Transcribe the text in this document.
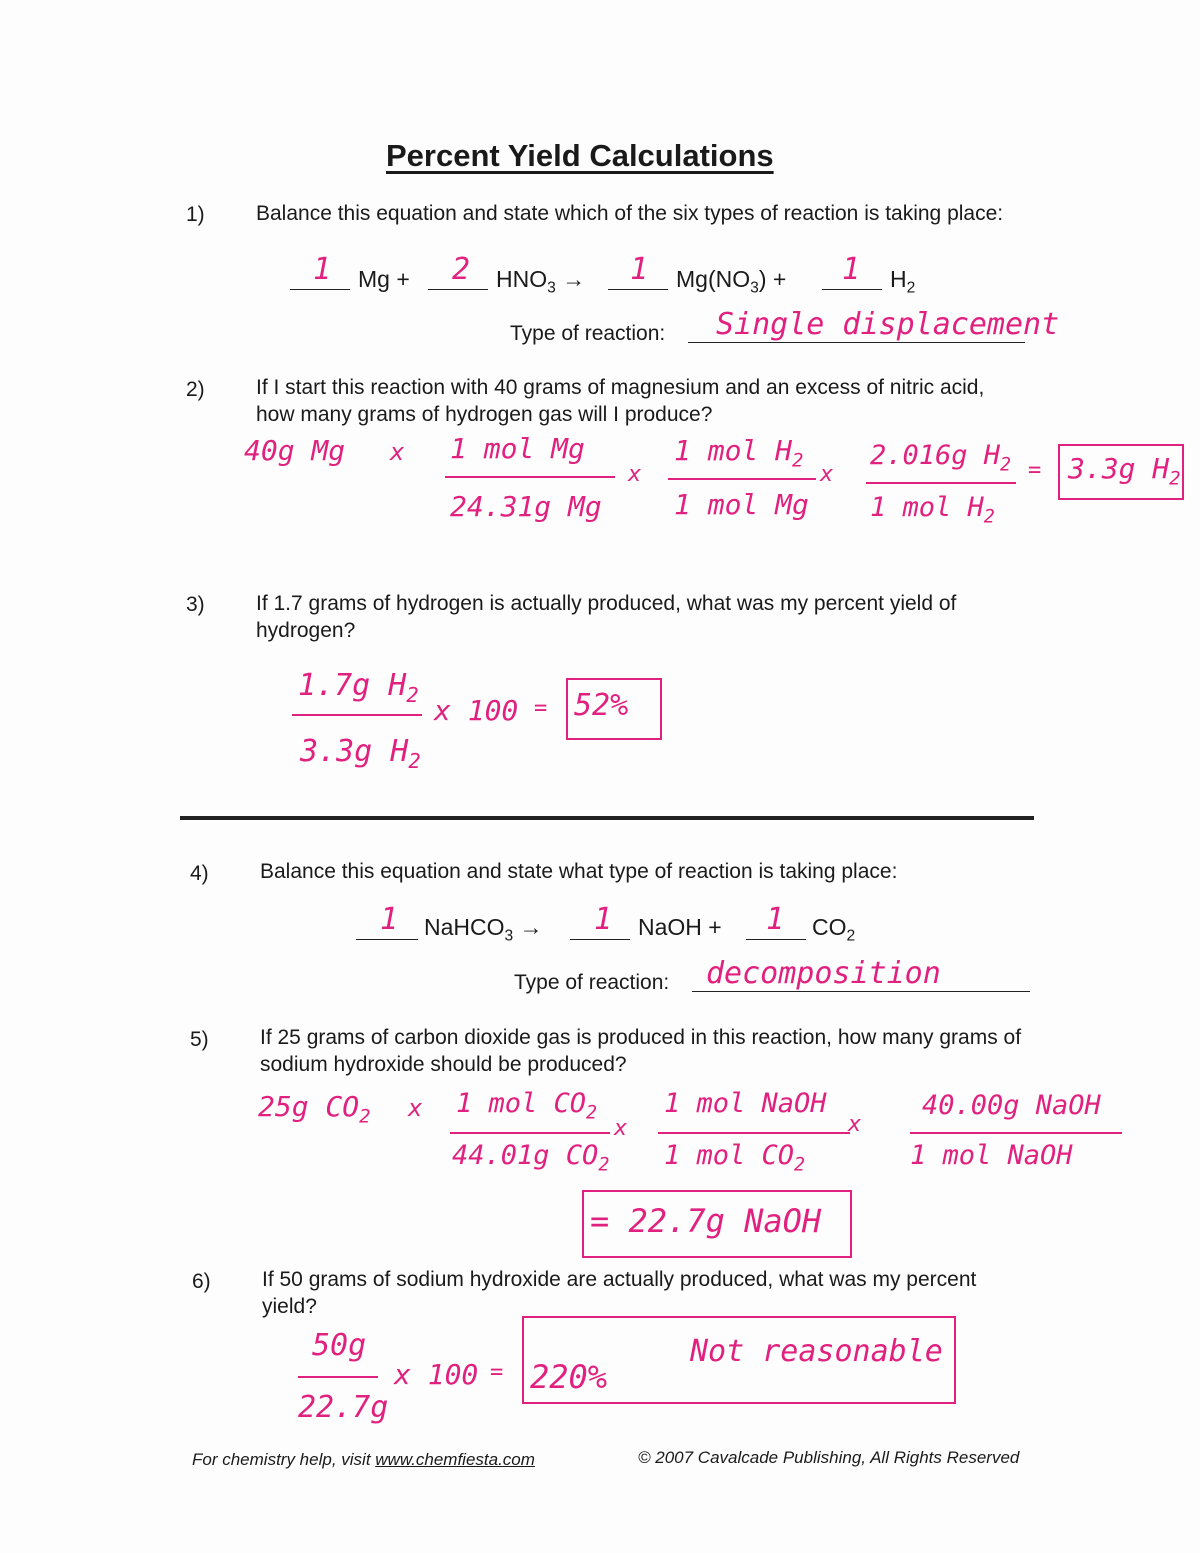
Percent Yield Calculations
1) Balance this equation and state which of the six types of reaction is taking place:
1 Mg + 2 $HNO_3 \to 1$ $Mg(NO_3) + 1$ $H_2$
Type of reaction: Single displacement
2) If I start this reaction with 40 grams of magnesium and an excess of nitric acid, how many grams of hydrogen gas will I produce?
40g Mg x 1 mol Mg
24.31g Mg
x
1 mol $H_2$
1 mol Mg
x
2.016g $H_2$
1 mol $H_2$
= 3.3g $H_2$
3) If 1.7 grams of hydrogen is actually produced, what was my percent yield of hydrogen?
1.7g $H_2$
3.3g $H_2$
x 100 = 52%
4) Balance this equation and state what type of reaction is taking place:
1 NaHCO$_3$ → 1 NaOH + 1 $CO_2$
Type of reaction: decomposition
5) If 25 grams of carbon dioxide gas is produced in this reaction, how many grams of sodium hydroxide should be produced?
25g $CO_2$ x 1 mol $CO_2$
44.01g $CO_2$
x
1 mol NaOH
1 mol $CO_2$
x
40.00g NaOH
1 mol NaOH
= 22.7g NaOH
6) If 50 grams of sodium hydroxide are actually produced, what was my percent yield?
50g
22.7g
x 100 = 220%
Not reasonable
For chemistry help, visit www.chemfiesta.com	© 2007 Cavalcade Publishing, All Rights Reserved
